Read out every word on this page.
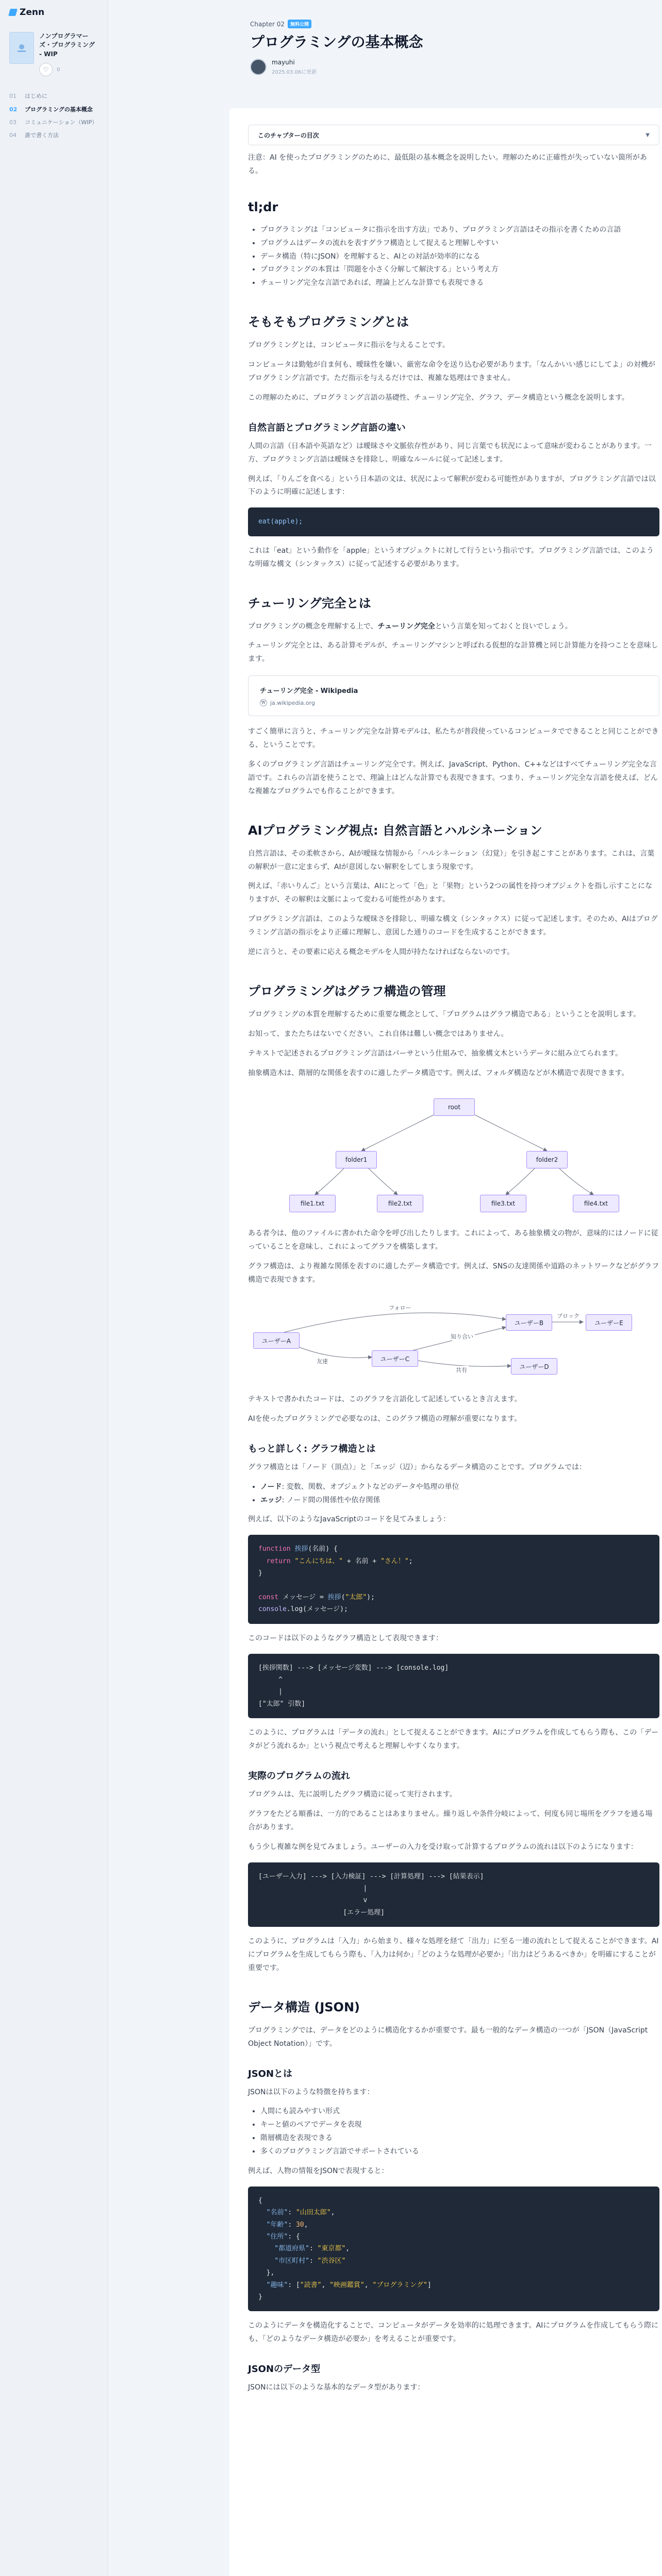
Zenn
ノンプログラマーズ・プログラミング - WIP
♡ 0
01	はじめに
02	プログラミングの基本概念
03	コミュニケーション（WIP）
04	誰で書く方法
Chapter 02	無料公開
プログラミングの基本概念
mayuhi
2025.03.06に更新
このチャプターの目次	▼

注意：AI を使ったプログラミングのために、最低限の基本概念を説明したい。理解のために正確性が失っていない箇所がある。

tl;dr
• プログラミングは「コンピュータに指示を出す方法」であり、プログラミング言語はその指示を書くための言語
• プログラムはデータの流れを表すグラフ構造として捉えると理解しやすい
• データ構造（特にJSON）を理解すると、AIとの対話が効率的になる
• プログラミングの本質は「問題を小さく分解して解決する」という考え方
• チューリング完全な言語であれば、理論上どんな計算でも表現できる
そもそもプログラミングとは

プログラミングとは、コンピュータに指示を与えることです。

コンピュータは勤勉が自ま何も、曖昧性を嫌い、厳密な命令を送り込む必要があります。「なんかいい感じにしてよ」の対機がプログラミング言語です。ただ指示を与えるだけでは、複雑な処理はできません。

この理解のために、プログラミング言語の基礎性、チューリング完全、グラフ、データ構造という概念を説明します。

自然言語とプログラミング言語の違い

人間の言語（日本語や英語など）は曖昧さや文脈依存性があり、同じ言葉でも状況によって意味が変わることがあります。一方、プログラミング言語は曖昧さを排除し、明確なルールに従って記述します。

例えば、「りんごを食べる」という日本語の文は、状況によって解釈が変わる可能性がありますが、プログラミング言語では以下のように明確に記述します：

eat(apple);

これは「eat」という動作を「apple」というオブジェクトに対して行うという指示です。プログラミング言語では、このような明確な構文（シンタックス）に従って記述する必要があります。

チューリング完全とは

プログラミングの概念を理解する上で、チューリング完全という言葉を知っておくと良いでしょう。

チューリング完全とは、ある計算モデルが、チューリングマシンと呼ばれる仮想的な計算機と同じ計算能力を持つことを意味します。

チューリング完全 - Wikipedia
W ja.wikipedia.org

すごく簡単に言うと、チューリング完全な計算モデルは、私たちが普段使っているコンピュータでできることと同じことができる、ということです。

多くのプログラミング言語はチューリング完全です。例えば、JavaScript、Python、C++などはすべてチューリング完全な言語です。これらの言語を使うことで、理論上はどんな計算でも表現できます。つまり、チューリング完全な言語を使えば、どんな複雑なプログラムでも作ることができます。

AIプログラミング視点: 自然言語とハルシネーション

自然言語は、その柔軟さから、AIが曖昧な情報から「ハルシネーション（幻覚）」を引き起こすことがあります。これは、言葉の解釈が一意に定まらず、AIが意図しない解釈をしてしまう現象です。

例えば、「赤いりんご」という言葉は、AIにとって「色」と「果物」という2つの属性を持つオブジェクトを指し示すことになりますが、その解釈は文脈によって変わる可能性があります。

プログラミング言語は、このような曖昧さを排除し、明確な構文（シンタックス）に従って記述します。そのため、AIはプログラミング言語の指示をより正確に理解し、意図した通りのコードを生成することができます。

逆に言うと、その要素に応える概念モデルを人間が持たなければならないのです。

プログラミングはグラフ構造の管理

プログラミングの本質を理解するために重要な概念として、「プログラムはグラフ構造である」ということを説明します。

お知って、またたちはないでください。これ自体は難しい概念ではありません。

テキストで記述されるプログラミング言語はパーサという仕組みで、抽象構文木というデータに組み立てられます。

抽象構造木は、階層的な関係を表すのに適したデータ構造です。例えば、フォルダ構造などが木構造で表現できます。

root
folder1	folder2
file1.txt	file2.txt	file3.txt	file4.txt

ある者今は、他のファイルに書かれた命令を呼び出したりします。これによって、ある抽象構文の物が、意味的にはノードに従っていることを意味し、これによってグラフを構築します。

グラフ構造は、より複雑な関係を表すのに適したデータ構造です。例えば、SNSの友達関係や道路のネットワークなどがグラフ構造で表現できます。

ユーザーA
ユーザーB
ユーザーC
ユーザーD
ユーザーE
フォロー
友達
知り合い
共有
ブロック

テキストで書かれたコードは、このグラフを言語化して記述しているとき言えます。

AIを使ったプログラミングで必要なのは、このグラフ構造の理解が重要になります。

もっと詳しく: グラフ構造とは

グラフ構造とは「ノード（頂点）」と「エッジ（辺）」からなるデータ構造のことです。プログラムでは：

• ノード: 変数、関数、オブジェクトなどのデータや処理の単位
• エッジ: ノード間の関係性や依存関係

例えば、以下のようなJavaScriptのコードを見てみましょう：

function 挨拶(名前) {
return "こんにちは、" + 名前 + "さん！";
}

const メッセージ = 挨拶("太郎");
console.log(メッセージ);

このコードは以下のようなグラフ構造として表現できます：

[挨拶関数] ---> [メッセージ変数] ---> [console.log]
^
|
["太郎" 引数]

このように、プログラムは「データの流れ」として捉えることができます。AIにプログラムを作成してもらう際も、この「データがどう流れるか」という視点で考えると理解しやすくなります。

実際のプログラムの流れ

プログラムは、先に説明したグラフ構造に従って実行されます。

グラフをたどる順番は、一方的であることはあまりません。繰り返しや条件分岐によって、何度も同じ場所をグラフを通る場合があります。

もう少し複雑な例を見てみましょう。ユーザーの入力を受け取って計算するプログラムの流れは以下のようになります：

[ユーザー入力] ---> [入力検証] ---> [計算処理] ---> [結果表示]
|
v
[エラー処理]

このように、プログラムは「入力」から始まり、様々な処理を経て「出力」に至る一連の流れとして捉えることができます。AIにプログラムを生成してもらう際も、「入力は何か」「どのような処理が必要か」「出力はどうあるべきか」を明確にすることが重要です。

データ構造 (JSON)

プログラミングでは、データをどのように構造化するかが重要です。最も一般的なデータ構造の一つが「JSON（JavaScript Object Notation）」です。

JSONとは

JSONは以下のような特徴を持ちます：

• 人間にも読みやすい形式
• キーと値のペアでデータを表現
• 階層構造を表現できる
• 多くのプログラミング言語でサポートされている

例えば、人物の情報をJSONで表現すると：

{
"名前": "山田太郎",
"年齢": 30,
"住所": {
"都道府県": "東京都",
"市区町村": "渋谷区"
},
"趣味": ["読書", "映画鑑賞", "プログラミング"]
}

このようにデータを構造化することで、コンピュータがデータを効率的に処理できます。AIにプログラムを作成してもらう際にも、「どのようなデータ構造が必要か」を考えることが重要です。

JSONのデータ型

JSONには以下のような基本的なデータ型があります：
